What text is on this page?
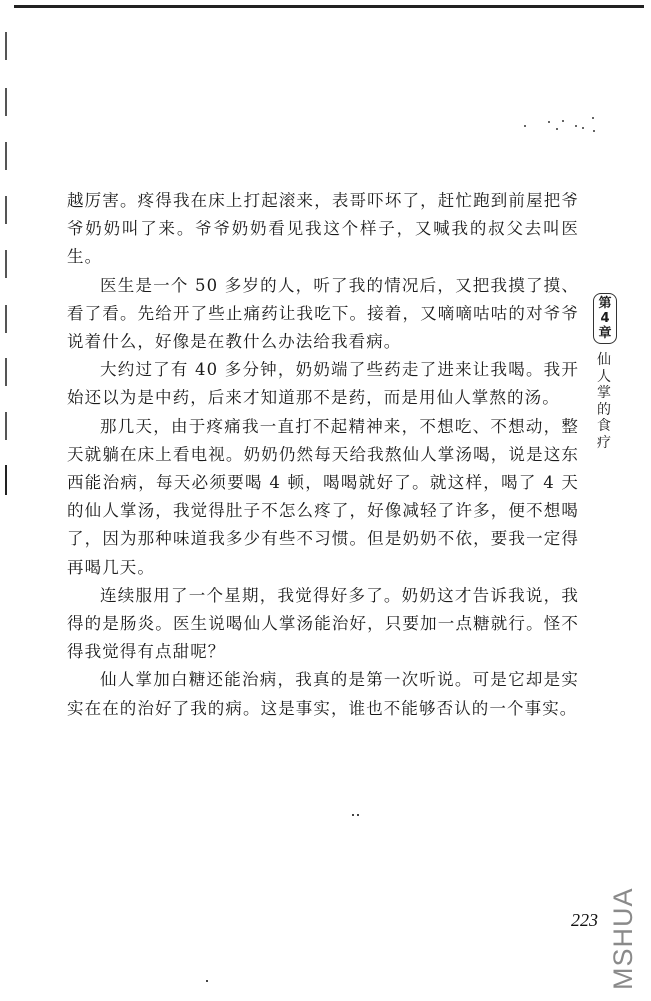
越厉害。疼得我在床上打起滚来，表哥吓坏了，赶忙跑到前屋把爷爷奶奶叫了来。爷爷奶奶看见我这个样子，又喊我的叔父去叫医生。

医生是一个 50 多岁的人，听了我的情况后，又把我摸了摸、看了看。先给开了些止痛药让我吃下。接着，又嘀嘀咕咕的对爷爷说着什么，好像是在教什么办法给我看病。

大约过了有 40 多分钟，奶奶端了些药走了进来让我喝。我开始还以为是中药，后来才知道那不是药，而是用仙人掌熬的汤。

那几天，由于疼痛我一直打不起精神来，不想吃、不想动，整天就躺在床上看电视。奶奶仍然每天给我熬仙人掌汤喝，说是这东西能治病，每天必须要喝 4 顿，喝喝就好了。就这样，喝了 4 天的仙人掌汤，我觉得肚子不怎么疼了，好像减轻了许多，便不想喝了，因为那种味道我多少有些不习惯。但是奶奶不依，要我一定得再喝几天。

连续服用了一个星期，我觉得好多了。奶奶这才告诉我说，我得的是肠炎。医生说喝仙人掌汤能治好，只要加一点糖就行。怪不得我觉得有点甜呢？

仙人掌加白糖还能治病，我真的是第一次听说。可是它却是实实在在的治好了我的病。这是事实，谁也不能够否认的一个事实。

第
4
章
仙
人
掌
的
食
疗
223 MSHUA
